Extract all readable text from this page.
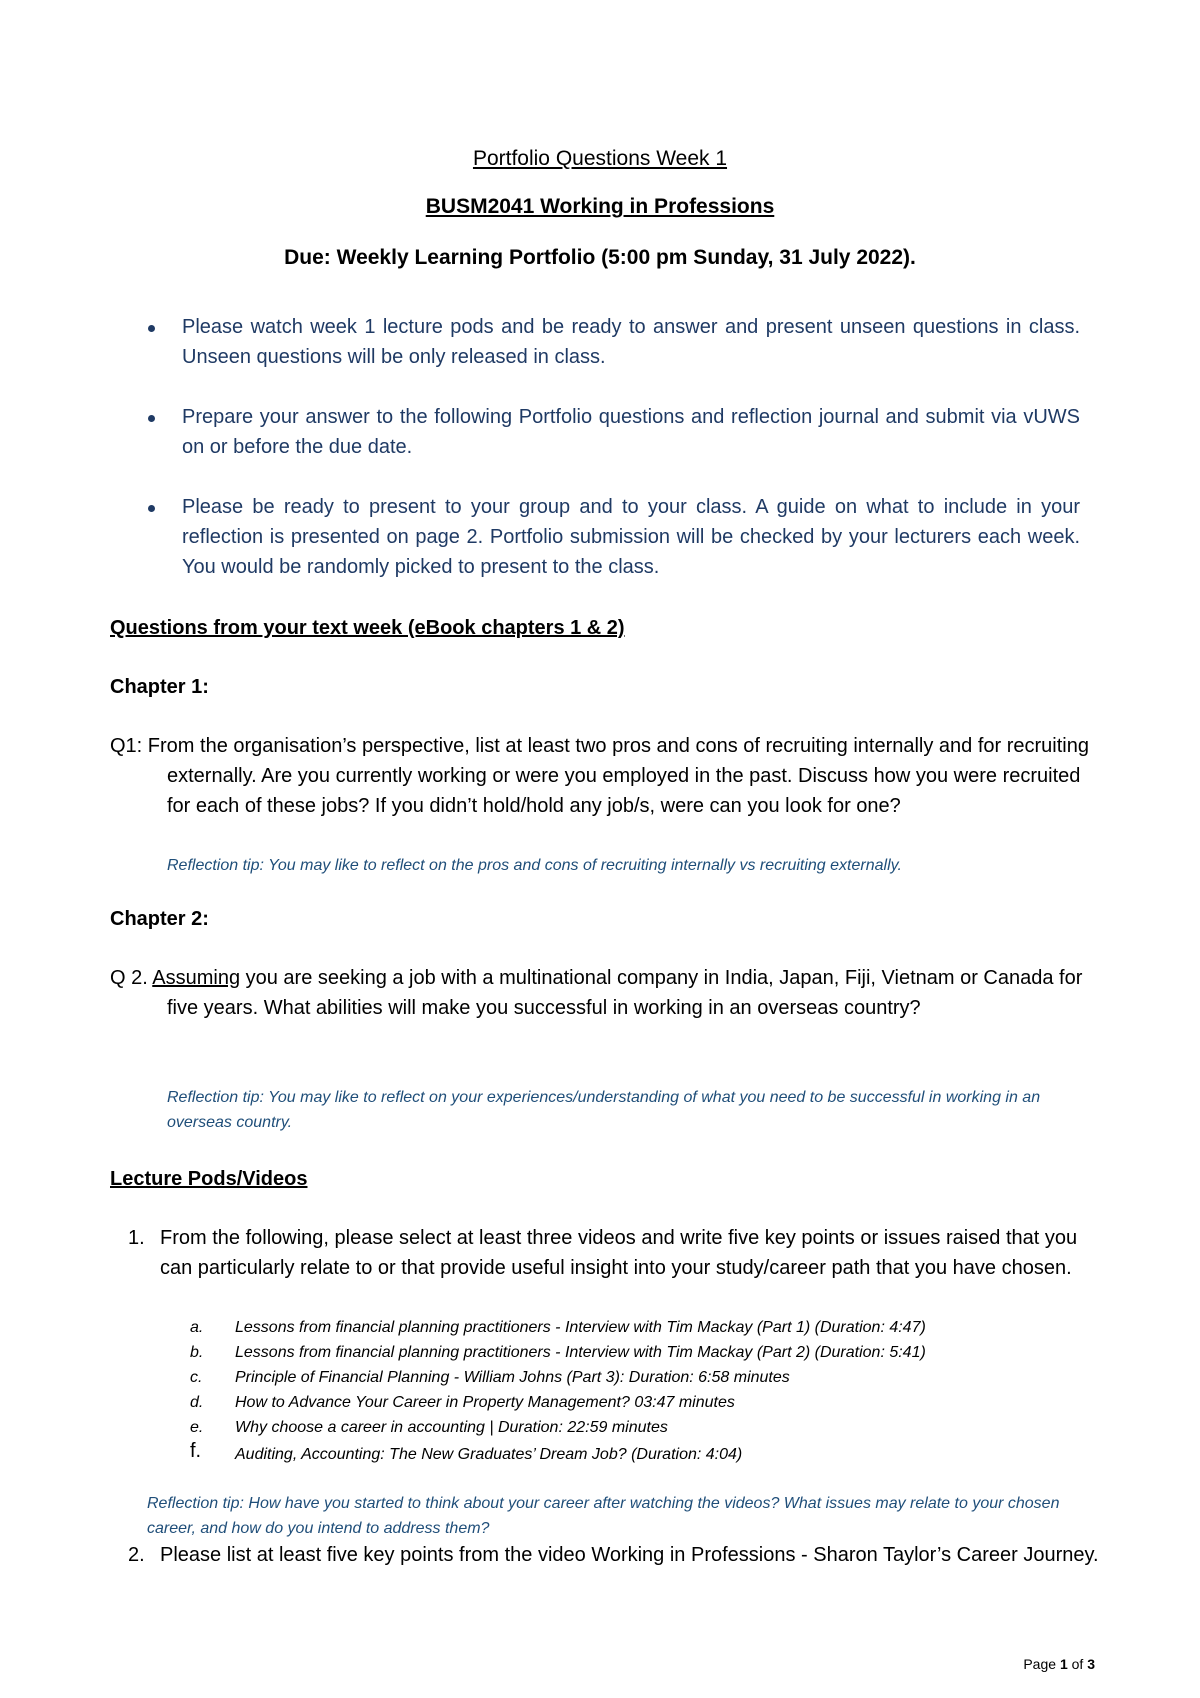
Portfolio Questions Week 1
BUSM2041 Working in Professions
Due: Weekly Learning Portfolio (5:00 pm Sunday, 31 July 2022).
Please watch week 1 lecture pods and be ready to answer and present unseen questions in class. Unseen questions will be only released in class.
Prepare your answer to the following Portfolio questions and reflection journal and submit via vUWS on or before the due date.
Please be ready to present to your group and to your class. A guide on what to include in your reflection is presented on page 2. Portfolio submission will be checked by your lecturers each week. You would be randomly picked to present to the class.
Questions from your text week (eBook chapters 1 & 2)
Chapter 1:
Q1: From the organisation’s perspective, list at least two pros and cons of recruiting internally and for recruiting externally. Are you currently working or were you employed in the past. Discuss how you were recruited for each of these jobs? If you didn’t hold/hold any job/s, were can you look for one?
Reflection tip: You may like to reflect on the pros and cons of recruiting internally vs recruiting externally.
Chapter 2:
Q 2. Assuming you are seeking a job with a multinational company in India, Japan, Fiji, Vietnam or Canada for five years. What abilities will make you successful in working in an overseas country?
Reflection tip: You may like to reflect on your experiences/understanding of what you need to be successful in working in an overseas country.
Lecture Pods/Videos
1. From the following, please select at least three videos and write five key points or issues raised that you can particularly relate to or that provide useful insight into your study/career path that you have chosen.
a.	Lessons from financial planning practitioners - Interview with Tim Mackay (Part 1) (Duration: 4:47)
b.	Lessons from financial planning practitioners - Interview with Tim Mackay (Part 2) (Duration: 5:41)
c.	Principle of Financial Planning - William Johns (Part 3): Duration: 6:58 minutes
d.	How to Advance Your Career in Property Management? 03:47 minutes
e.	Why choose a career in accounting | Duration: 22:59 minutes
f.	Auditing, Accounting: The New Graduates’ Dream Job? (Duration: 4:04)
Reflection tip: How have you started to think about your career after watching the videos? What issues may relate to your chosen career, and how do you intend to address them?
2. Please list at least five key points from the video Working in Professions - Sharon Taylor’s Career Journey.
Page 1 of 3
